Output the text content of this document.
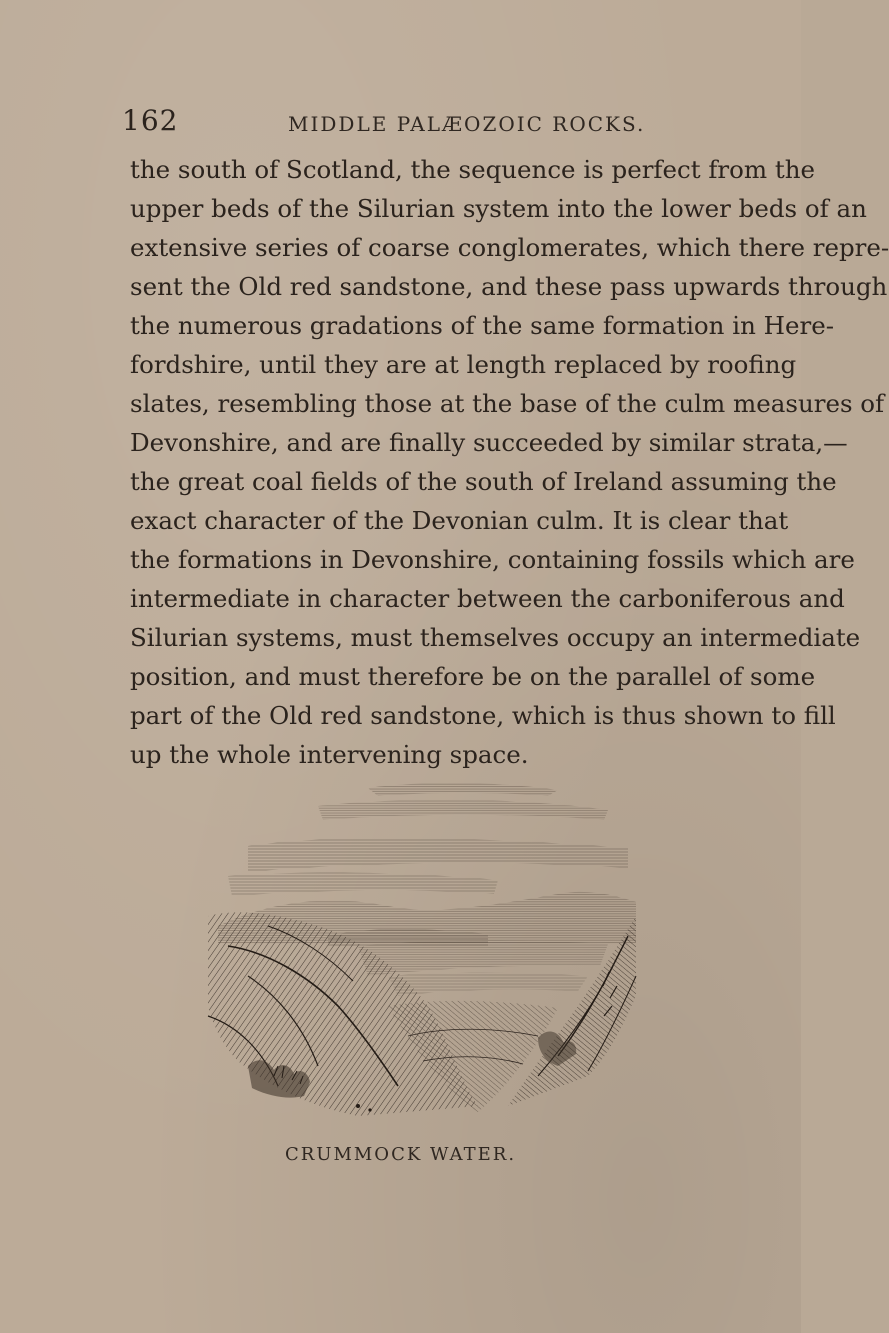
162	MIDDLE PALÆOZOIC ROCKS.
the south of Scotland, the sequence is perfect from the
upper beds of the Silurian system into the lower beds of an
extensive series of coarse conglomerates, which there repre-
sent the Old red sandstone, and these pass upwards through
the numerous gradations of the same formation in Here-
fordshire, until they are at length replaced by roofing
slates, resembling those at the base of the culm measures of
Devonshire, and are finally succeeded by similar strata,—
the great coal fields of the south of Ireland assuming the
exact character of the Devonian culm. It is clear that
the formations in Devonshire, containing fossils which are
intermediate in character between the carboniferous and
Silurian systems, must themselves occupy an intermediate
position, and must therefore be on the parallel of some
part of the Old red sandstone, which is thus shown to fill
up the whole intervening space.
CRUMMOCK WATER.
